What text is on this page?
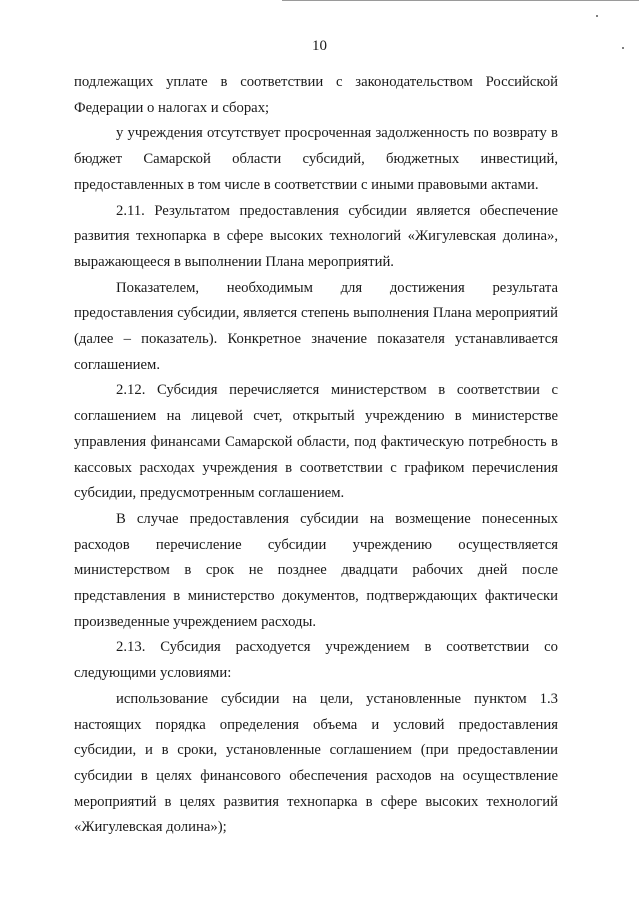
10

подлежащих уплате в соответствии с законодательством Российской Федерации о налогах и сборах;

у учреждения отсутствует просроченная задолженность по возврату в бюджет Самарской области субсидий, бюджетных инвестиций, предоставленных в том числе в соответствии с иными правовыми актами.

2.11. Результатом предоставления субсидии является обеспечение развития технопарка в сфере высоких технологий «Жигулевская долина», выражающееся в выполнении Плана мероприятий.

Показателем, необходимым для достижения результата предоставления субсидии, является степень выполнения Плана мероприятий (далее – показатель). Конкретное значение показателя устанавливается соглашением.

2.12. Субсидия перечисляется министерством в соответствии с соглашением на лицевой счет, открытый учреждению в министерстве управления финансами Самарской области, под фактическую потребность в кассовых расходах учреждения в соответствии с графиком перечисления субсидии, предусмотренным соглашением.

В случае предоставления субсидии на возмещение понесенных расходов перечисление субсидии учреждению осуществляется министерством в срок не позднее двадцати рабочих дней после представления в министерство документов, подтверждающих фактически произведенные учреждением расходы.

2.13. Субсидия расходуется учреждением в соответствии со следующими условиями:

использование субсидии на цели, установленные пунктом 1.3 настоящих порядка определения объема и условий предоставления субсидии, и в сроки, установленные соглашением (при предоставлении субсидии в целях финансового обеспечения расходов на осуществление мероприятий в целях развития технопарка в сфере высоких технологий «Жигулевская долина»);
